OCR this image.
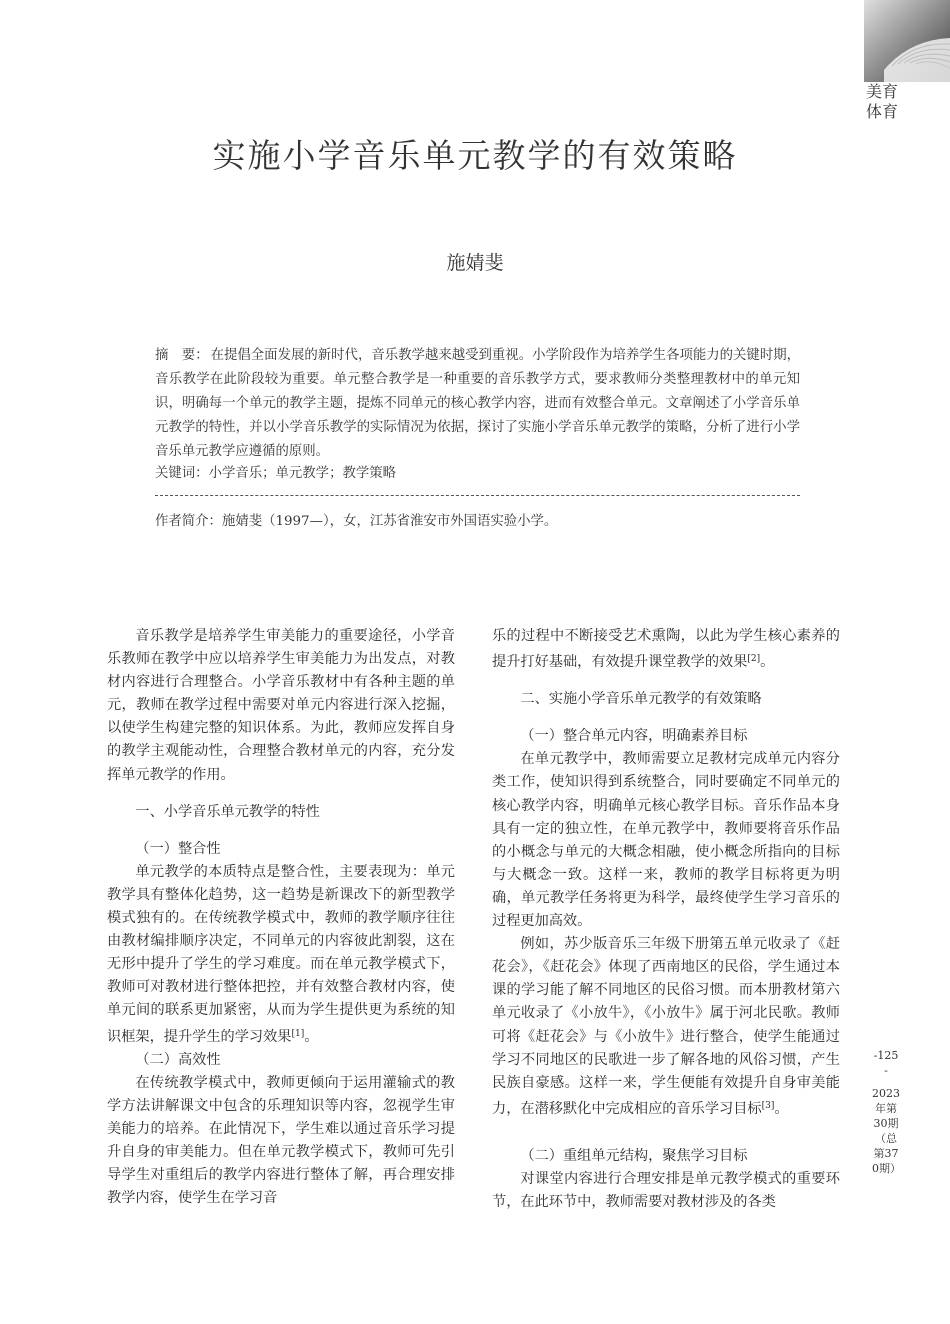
美育
体育
实施小学音乐单元教学的有效策略
施婧斐
摘　要： 在提倡全面发展的新时代，音乐教学越来越受到重视。小学阶段作为培养学生各项能力的关键时期，音乐教学在此阶段较为重要。单元整合教学是一种重要的音乐教学方式，要求教师分类整理教材中的单元知识，明确每一个单元的教学主题，提炼不同单元的核心教学内容，进而有效整合单元。文章阐述了小学音乐单元教学的特性，并以小学音乐教学的实际情况为依据，探讨了实施小学音乐单元教学的策略，分析了进行小学音乐单元教学应遵循的原则。
关键词：小学音乐；单元教学；教学策略
作者简介：施婧斐（1997—），女，江苏省淮安市外国语实验小学。

音乐教学是培养学生审美能力的重要途径，小学音乐教师在教学中应以培养学生审美能力为出发点，对教材内容进行合理整合。小学音乐教材中有各种主题的单元，教师在教学过程中需要对单元内容进行深入挖掘，以使学生构建完整的知识体系。为此，教师应发挥自身的教学主观能动性，合理整合教材单元的内容，充分发挥单元教学的作用。

一、小学音乐单元教学的特性
（一）整合性

单元教学的本质特点是整合性，主要表现为：单元教学具有整体化趋势，这一趋势是新课改下的新型教学模式独有的。在传统教学模式中，教师的教学顺序往往由教材编排顺序决定，不同单元的内容彼此割裂，这在无形中提升了学生的学习难度。而在单元教学模式下，教师可对教材进行整体把控，并有效整合教材内容，使单元间的联系更加紧密，从而为学生提供更为系统的知识框架，提升学生的学习效果[1]。

（二）高效性

在传统教学模式中，教师更倾向于运用灌输式的教学方法讲解课文中包含的乐理知识等内容，忽视学生审美能力的培养。在此情况下，学生难以通过音乐学习提升自身的审美能力。但在单元教学模式下，教师可先引导学生对重组后的教学内容进行整体了解，再合理安排教学内容，使学生在学习音

乐的过程中不断接受艺术熏陶，以此为学生核心素养的提升打好基础，有效提升课堂教学的效果[2]。

二、实施小学音乐单元教学的有效策略
（一）整合单元内容，明确素养目标

在单元教学中，教师需要立足教材完成单元内容分类工作，使知识得到系统整合，同时要确定不同单元的核心教学内容，明确单元核心教学目标。音乐作品本身具有一定的独立性，在单元教学中，教师要将音乐作品的小概念与单元的大概念相融，使小概念所指向的目标与大概念一致。这样一来，教师的教学目标将更为明确，单元教学任务将更为科学，最终使学生学习音乐的过程更加高效。

例如，苏少版音乐三年级下册第五单元收录了《赶花会》，《赶花会》体现了西南地区的民俗，学生通过本课的学习能了解不同地区的民俗习惯。而本册教材第六单元收录了《小放牛》，《小放牛》属于河北民歌。教师可将《赶花会》与《小放牛》进行整合，使学生能通过学习不同地区的民歌进一步了解各地的风俗习惯，产生民族自豪感。这样一来，学生便能有效提升自身审美能力，在潜移默化中完成相应的音乐学习目标[3]。

（二）重组单元结构，聚焦学习目标

对课堂内容进行合理安排是单元教学模式的重要环节，在此环节中，教师需要对教材涉及的各类

-125-
2023年第30期（总第370期）
